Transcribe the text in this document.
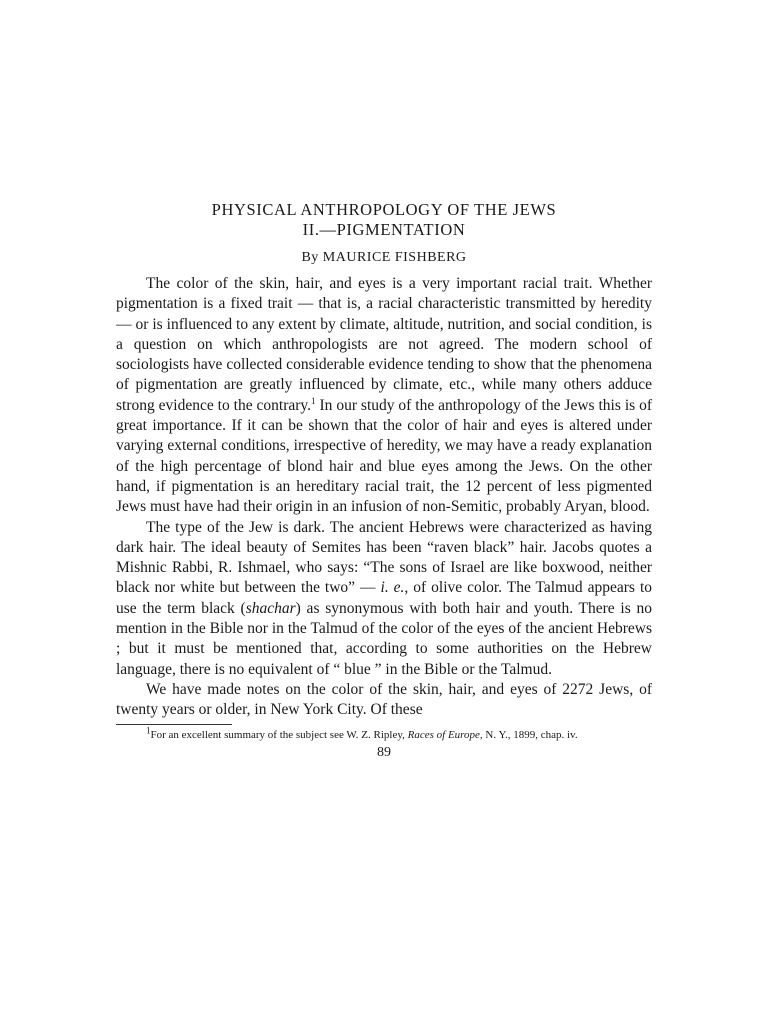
PHYSICAL ANTHROPOLOGY OF THE JEWS
II.—PIGMENTATION
By MAURICE FISHBERG

The color of the skin, hair, and eyes is a very important racial trait. Whether pigmentation is a fixed trait — that is, a racial characteristic transmitted by heredity — or is influenced to any extent by climate, altitude, nutrition, and social condition, is a question on which anthropologists are not agreed. The modern school of sociologists have collected considerable evidence tending to show that the phenomena of pigmentation are greatly influenced by climate, etc., while many others adduce strong evidence to the contrary.$^1$ In our study of the anthropology of the Jews this is of great importance. If it can be shown that the color of hair and eyes is altered under varying external conditions, irrespective of heredity, we may have a ready explanation of the high percentage of blond hair and blue eyes among the Jews. On the other hand, if pigmentation is an hereditary racial trait, the 12 percent of less pigmented Jews must have had their origin in an infusion of non-Semitic, probably Aryan, blood.

The type of the Jew is dark. The ancient Hebrews were characterized as having dark hair. The ideal beauty of Semites has been “raven black” hair. Jacobs quotes a Mishnic Rabbi, R. Ishmael, who says: “The sons of Israel are like boxwood, neither black nor white but between the two” — i. e., of olive color. The Talmud appears to use the term black (shachar) as synonymous with both hair and youth. There is no mention in the Bible nor in the Talmud of the color of the eyes of the ancient Hebrews ; but it must be mentioned that, according to some authorities on the Hebrew language, there is no equivalent of “ blue ” in the Bible or the Talmud.

We have made notes on the color of the skin, hair, and eyes of 2272 Jews, of twenty years or older, in New York City. Of these

$^1$For an excellent summary of the subject see W. Z. Ripley, Races of Europe, N. Y., 1899, chap. iv.

89
